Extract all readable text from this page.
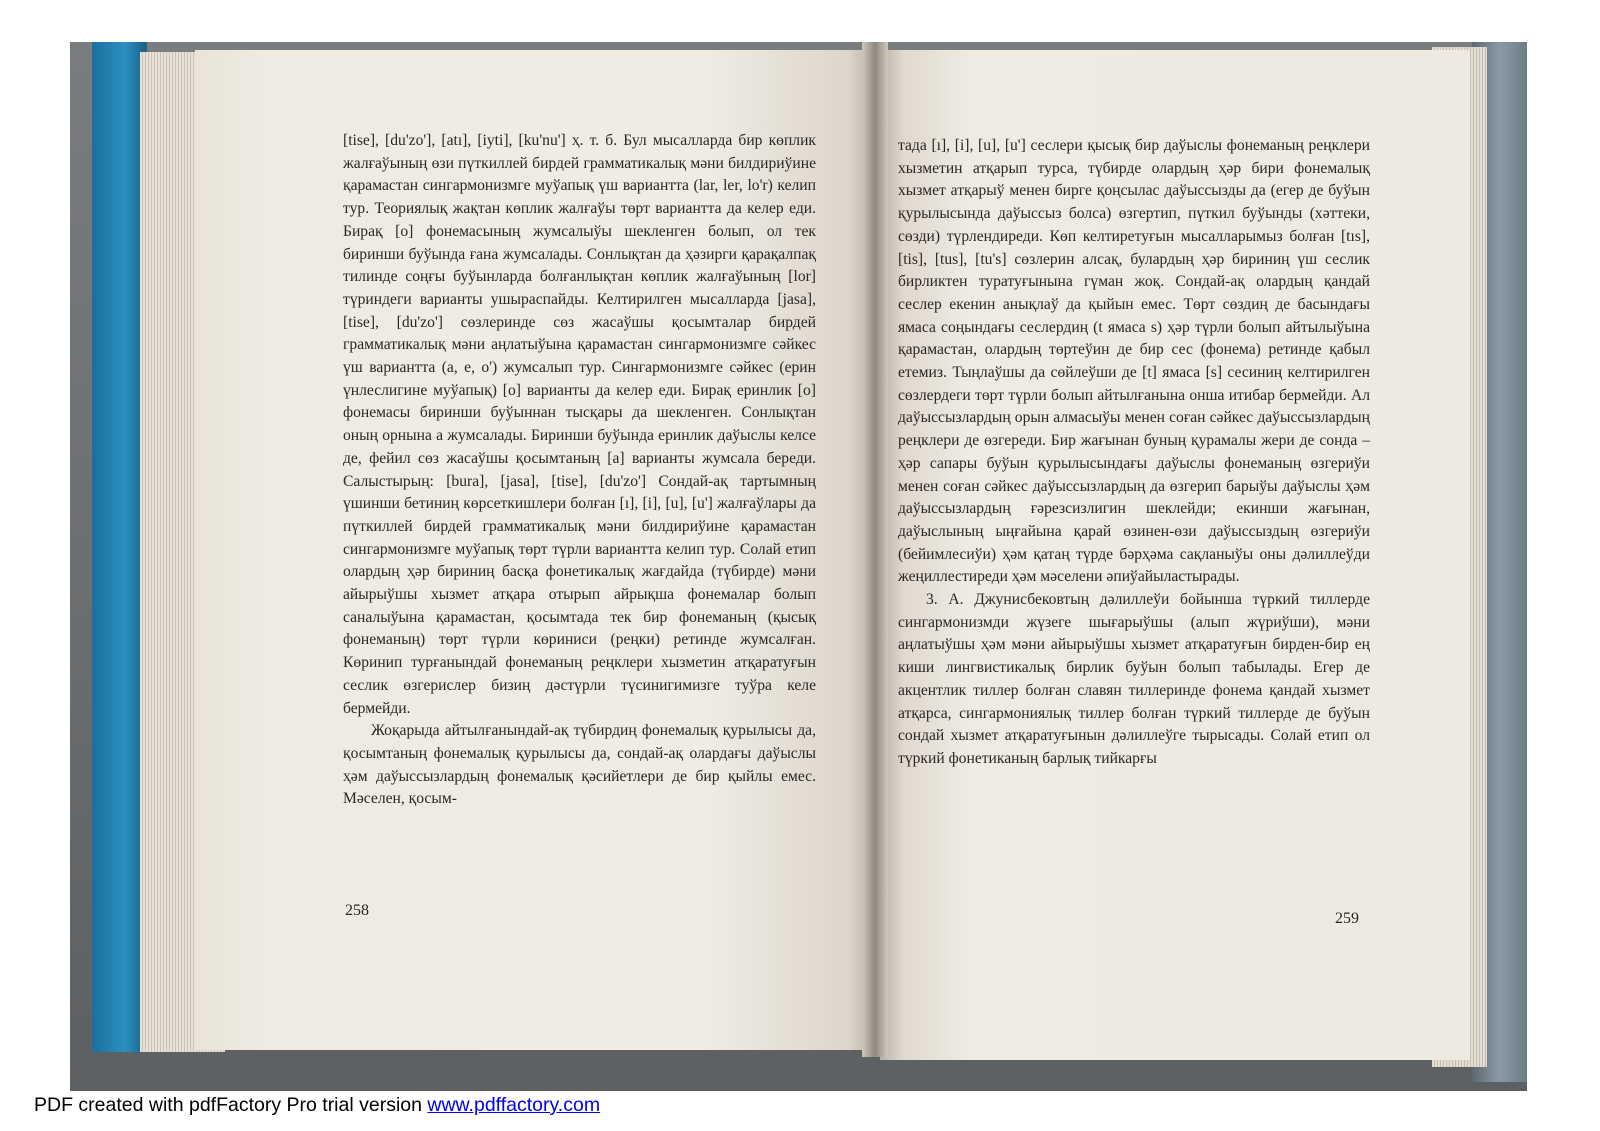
[tise], [du'zo'], [atı], [iyti], [ku'nu'] ҳ. т. б. Бул мысалларда бир көплик жалғаўының өзи пүткиллей бирдей грамматикалық мәни билдириўине қарамастан сингармонизмге муўапық үш варианттa (lar, ler, lo'r) келип тур. Теориялық жақтан көплик жалғаўы төрт вариантта да келер еди. Бирақ [o] фонемасының жумсалыўы шекленген болып, ол тек биринши буўында ғана жумсалады. Сонлықтан да ҳәзирги қарақалпақ тилинде соңғы буўынларда болғанлықтан көплик жалғаўының [lor] түриндеги варианты ушыраспайды. Келтирилген мысалларда [jasa], [tise], [du'zo'] сөзлеринде сөз жасаўшы қосымталар бирдей грамматикалық мәни аңлатыўына қарамастан сингармонизмге сәйкес үш варианттa (a, e, o') жумсалып тур. Сингармонизмге сәйкес (ерин үнлеслигине муўапық) [o] варианты да келер еди. Бирақ еринлик [o] фонемасы биринши буўыннан тысқары да шекленген. Сонлықтан оның орнына a жумсалады. Биринши буўында еринлик даўыслы келсе де, фейил сөз жасаўшы қосымтаның [a] варианты жумсала береди. Салыстырың: [bura], [jasa], [tise], [du'zo'] Сондай-ақ тартымның үшинши бетиниң көрсеткишлери болған [ı], [i], [u], [u'] жалғаўлары да пүткиллей бирдей грамматикалық мәни билдириўине қарамастан сингармонизмге муўапық төрт түрли вариантта келип тур. Солай етип олардың ҳәр бириниң басқа фонетикалық жағдайда (түбирде) мәни айырыўшы хызмет атқара отырып айрықша фонемалар болып саналыўына қарамастан, қосымтада тек бир фонеманың (қысық фонеманың) төрт түрли көриниси (реңки) ретинде жумсалған. Көринип турғанындай фонеманың реңклери хызметин атқаратуғын сеслик өзгерислер бизиң дәстүрли түсинигимизге туўра келе бермейди.

Жоқарыда айтылғанындай-ақ түбирдиң фонемалық қурылысы да, қосымтаның фонемалық қурылысы да, сондай-ақ олардағы даўыслы ҳәм даўыссызлардың фонемалық қәсийетлери де бир қыйлы емес. Мәселен, қосым-

258

тада [ı], [i], [u], [u'] сеслери қысық бир даўыслы фонеманың реңклери хызметин атқарып турса, түбирде олардың ҳәр бири фонемалық хызмет атқарыў менен бирге қоңсылас даўыссызды да (егер де буўын қурылысында даўыссыз болса) өзгертип, пүткил буўынды (хәттеки, сөзди) түрлендиреди. Көп келтиретуғын мысалларымыз болған [tıs], [tis], [tus], [tu's] сөзлерин алсақ, булардың ҳәр бириниң үш сеслик бирликтен туратуғынына гүман жоқ. Сондай-ақ олардың қандай сеслер екенин анықлаў да қыйын емес. Төрт сөздиң де басындағы ямаса соңындағы сеслердиң (t ямаса s) ҳәр түрли болып айтылыўына қарамастан, олардың төртеўин де бир сес (фонема) ретинде қабыл етемиз. Тыңлаўшы да сөйлеўши де [t] ямаса [s] сесиниң келтирилген сөзлердеги төрт түрли болып айтылғанына онша итибар бермейди. Ал даўыссызлардың орын алмасыўы менен соған сәйкес даўыссызлардың реңклери де өзгереди. Бир жағынан буның қурамалы жери де сонда – ҳәр сапары буўын қурылысындағы даўыслы фонеманың өзгериўи менен соған сәйкес даўыссызлардың да өзгерип барыўы даўыслы ҳәм даўыссызлардың ғәрезсизлигин шеклейди; екинши жағынан, даўыслының ыңғайына қарай өзинен-өзи даўыссыздың өзгериўи (бейимлесиўи) ҳәм қатаң түрде бәрҳәма сақланыўы оны дәлиллеўди жеңиллестиреди ҳәм мәселени әпиўайыластырады.

3. А. Джунисбековтың дәлиллеўи бойынша түркий тиллерде сингармонизмди жүзеге шығарыўшы (алып жүриўши), мәни аңлатыўшы ҳәм мәни айырыўшы хызмет атқаратуғын бирден-бир ең киши лингвистикалық бирлик буўын болып табылады. Егер де акцентлик тиллер болған славян тиллеринде фонема қандай хызмет атқарса, сингармониялық тиллер болған түркий тиллерде де буўын сондай хызмет атқаратуғынын дәлиллеўге тырысады. Солай етип ол түркий фонетиканың барлық тийкарғы

259
PDF created with pdfFactory Pro trial version www.pdffactory.com
